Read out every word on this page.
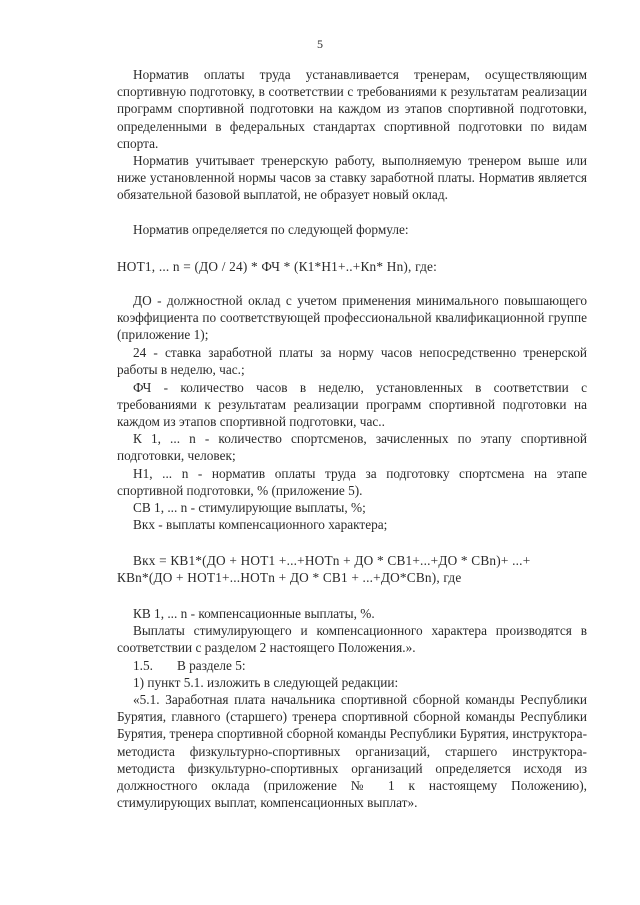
5

Норматив оплаты труда устанавливается тренерам, осуществляющим спортивную подготовку, в соответствии с требованиями к результатам реализации программ спортивной подготовки на каждом из этапов спортивной подготовки, определенными в федеральных стандартах спортивной подготовки по видам спорта.

Норматив учитывает тренерскую работу, выполняемую тренером выше или ниже установленной нормы часов за ставку заработной платы. Норматив является обязательной базовой выплатой, не образует новый оклад.

Норматив определяется по следующей формуле:

НОТ1, ... n = (ДО / 24) * ФЧ * (К1*Н1+..+Кn* Нn), где:

ДО - должностной оклад с учетом применения минимального повышающего коэффициента по соответствующей профессиональной квалификационной группе (приложение 1);

24 - ставка заработной платы за норму часов непосредственно тренерской работы в неделю, час.;

ФЧ - количество часов в неделю, установленных в соответствии с требованиями к результатам реализации программ спортивной подготовки на каждом из этапов спортивной подготовки, час..

К 1, ... n - количество спортсменов, зачисленных по этапу спортивной подготовки, человек;

Н1, ... n - норматив оплаты труда за подготовку спортсмена на этапе спортивной подготовки, % (приложение 5).

СВ 1, ... n - стимулирующие выплаты, %;

Вкх - выплаты компенсационного характера;

Вкх = КВ1*(ДО + НОТ1 +...+НОТn + ДО * СВ1+...+ДО * СВn)+ ...+

КВn*(ДО + НОТ1+...НОТn + ДО * СВ1 + ...+ДО*СВn), где

КВ 1, ... n - компенсационные выплаты, %.

Выплаты стимулирующего и компенсационного характера производятся в соответствии с разделом 2 настоящего Положения.».

1.5. В разделе 5:

1) пункт 5.1. изложить в следующей редакции:

«5.1. Заработная плата начальника спортивной сборной команды Республики Бурятия, главного (старшего) тренера спортивной сборной команды Республики Бурятия, тренера спортивной сборной команды Республики Бурятия, инструктора-методиста физкультурно-спортивных организаций, старшего инструктора-методиста физкультурно-спортивных организаций определяется исходя из должностного оклада (приложение № 1 к настоящему Положению), стимулирующих выплат, компенсационных выплат».
